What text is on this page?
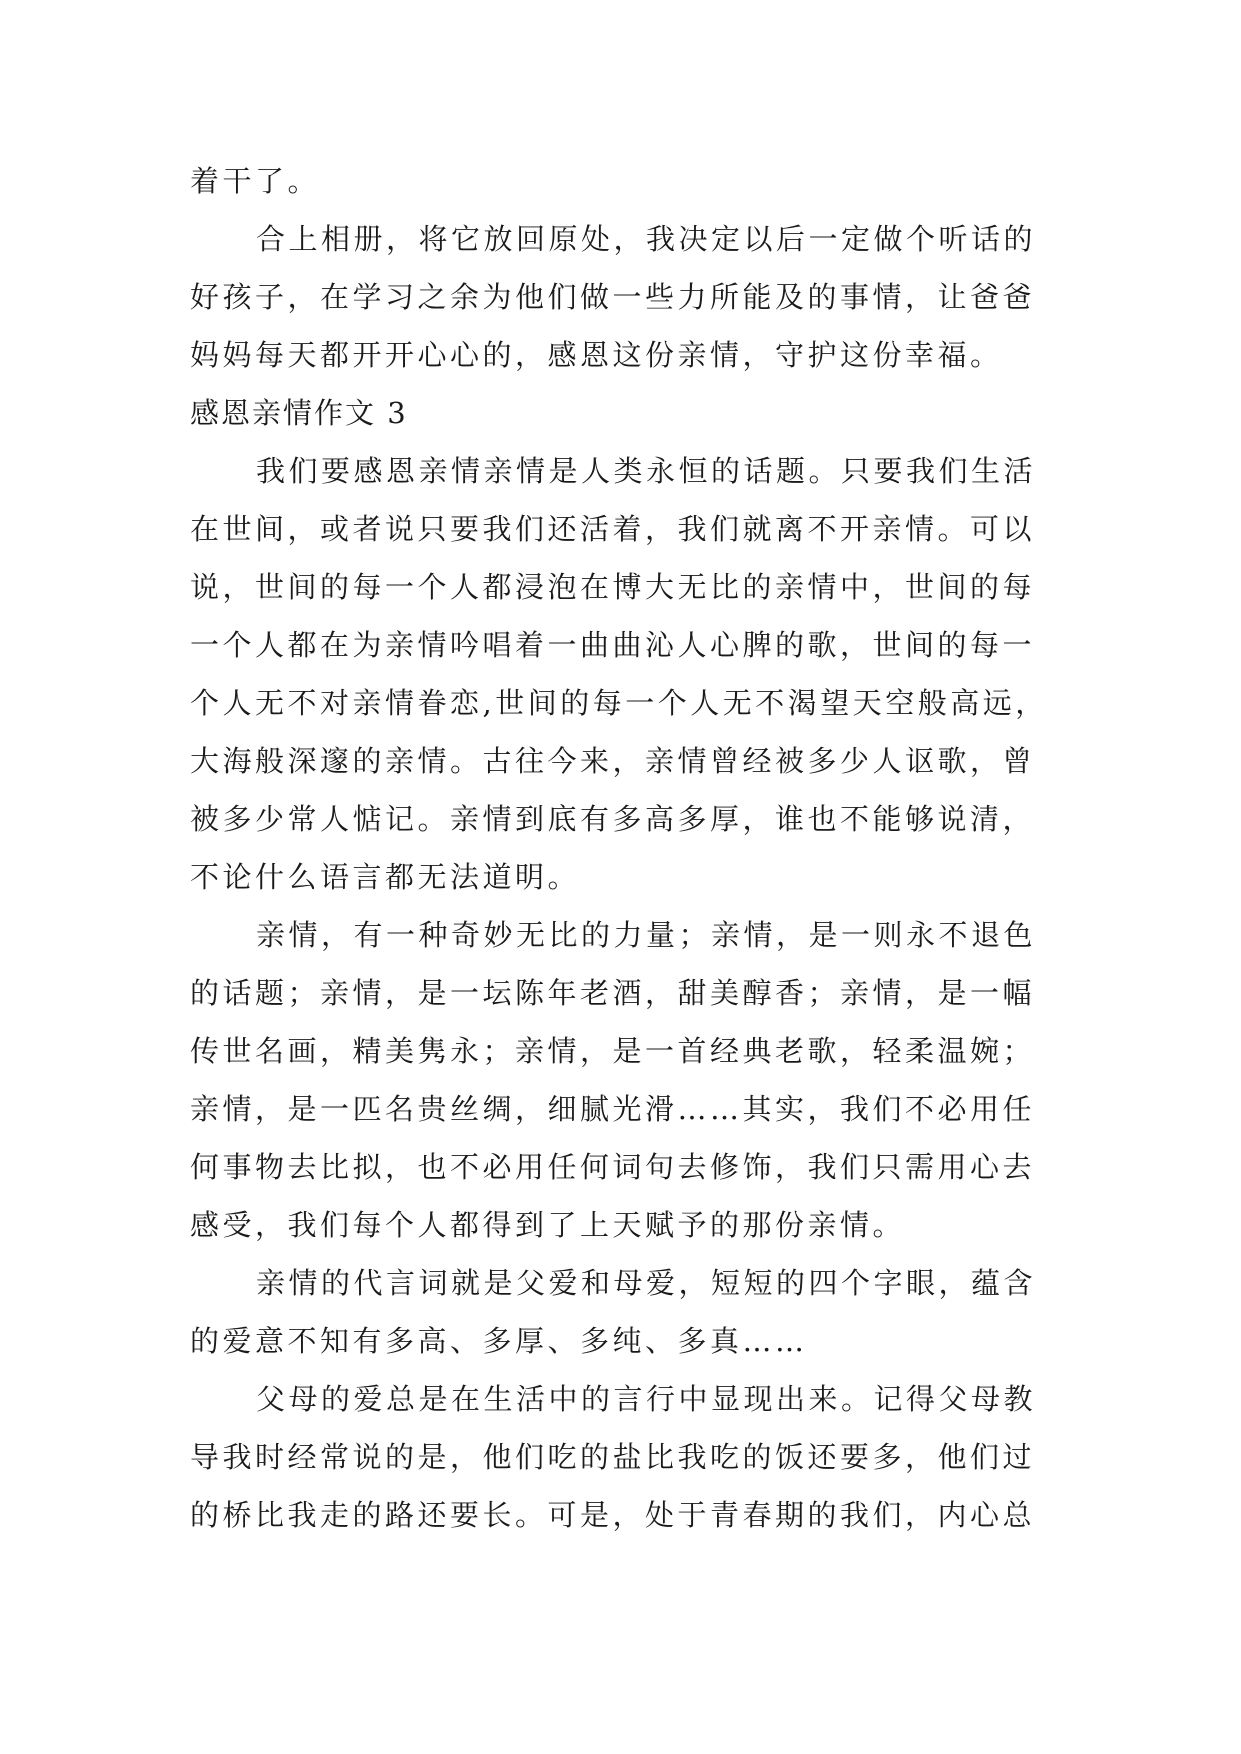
着干了。

合上相册，将它放回原处，我决定以后一定做个听话的好孩子，在学习之余为他们做一些力所能及的事情，让爸爸妈妈每天都开开心心的，感恩这份亲情，守护这份幸福。

感恩亲情作文 3

我们要感恩亲情亲情是人类永恒的话题。只要我们生活在世间，或者说只要我们还活着，我们就离不开亲情。可以说，世间的每一个人都浸泡在博大无比的亲情中，世间的每一个人都在为亲情吟唱着一曲曲沁人心脾的歌，世间的每一个人无不对亲情眷恋,世间的每一个人无不渴望天空般高远，大海般深邃的亲情。古往今来，亲情曾经被多少人讴歌，曾被多少常人惦记。亲情到底有多高多厚，谁也不能够说清，不论什么语言都无法道明。

亲情，有一种奇妙无比的力量；亲情，是一则永不退色的话题；亲情，是一坛陈年老酒，甜美醇香；亲情，是一幅传世名画，精美隽永；亲情，是一首经典老歌，轻柔温婉；亲情，是一匹名贵丝绸，细腻光滑……其实，我们不必用任何事物去比拟，也不必用任何词句去修饰，我们只需用心去感受，我们每个人都得到了上天赋予的那份亲情。

亲情的代言词就是父爱和母爱，短短的四个字眼，蕴含的爱意不知有多高、多厚、多纯、多真……

父母的爱总是在生活中的言行中显现出来。记得父母教导我时经常说的是，他们吃的盐比我吃的饭还要多，他们过的桥比我走的路还要长。可是，处于青春期的我们，内心总
